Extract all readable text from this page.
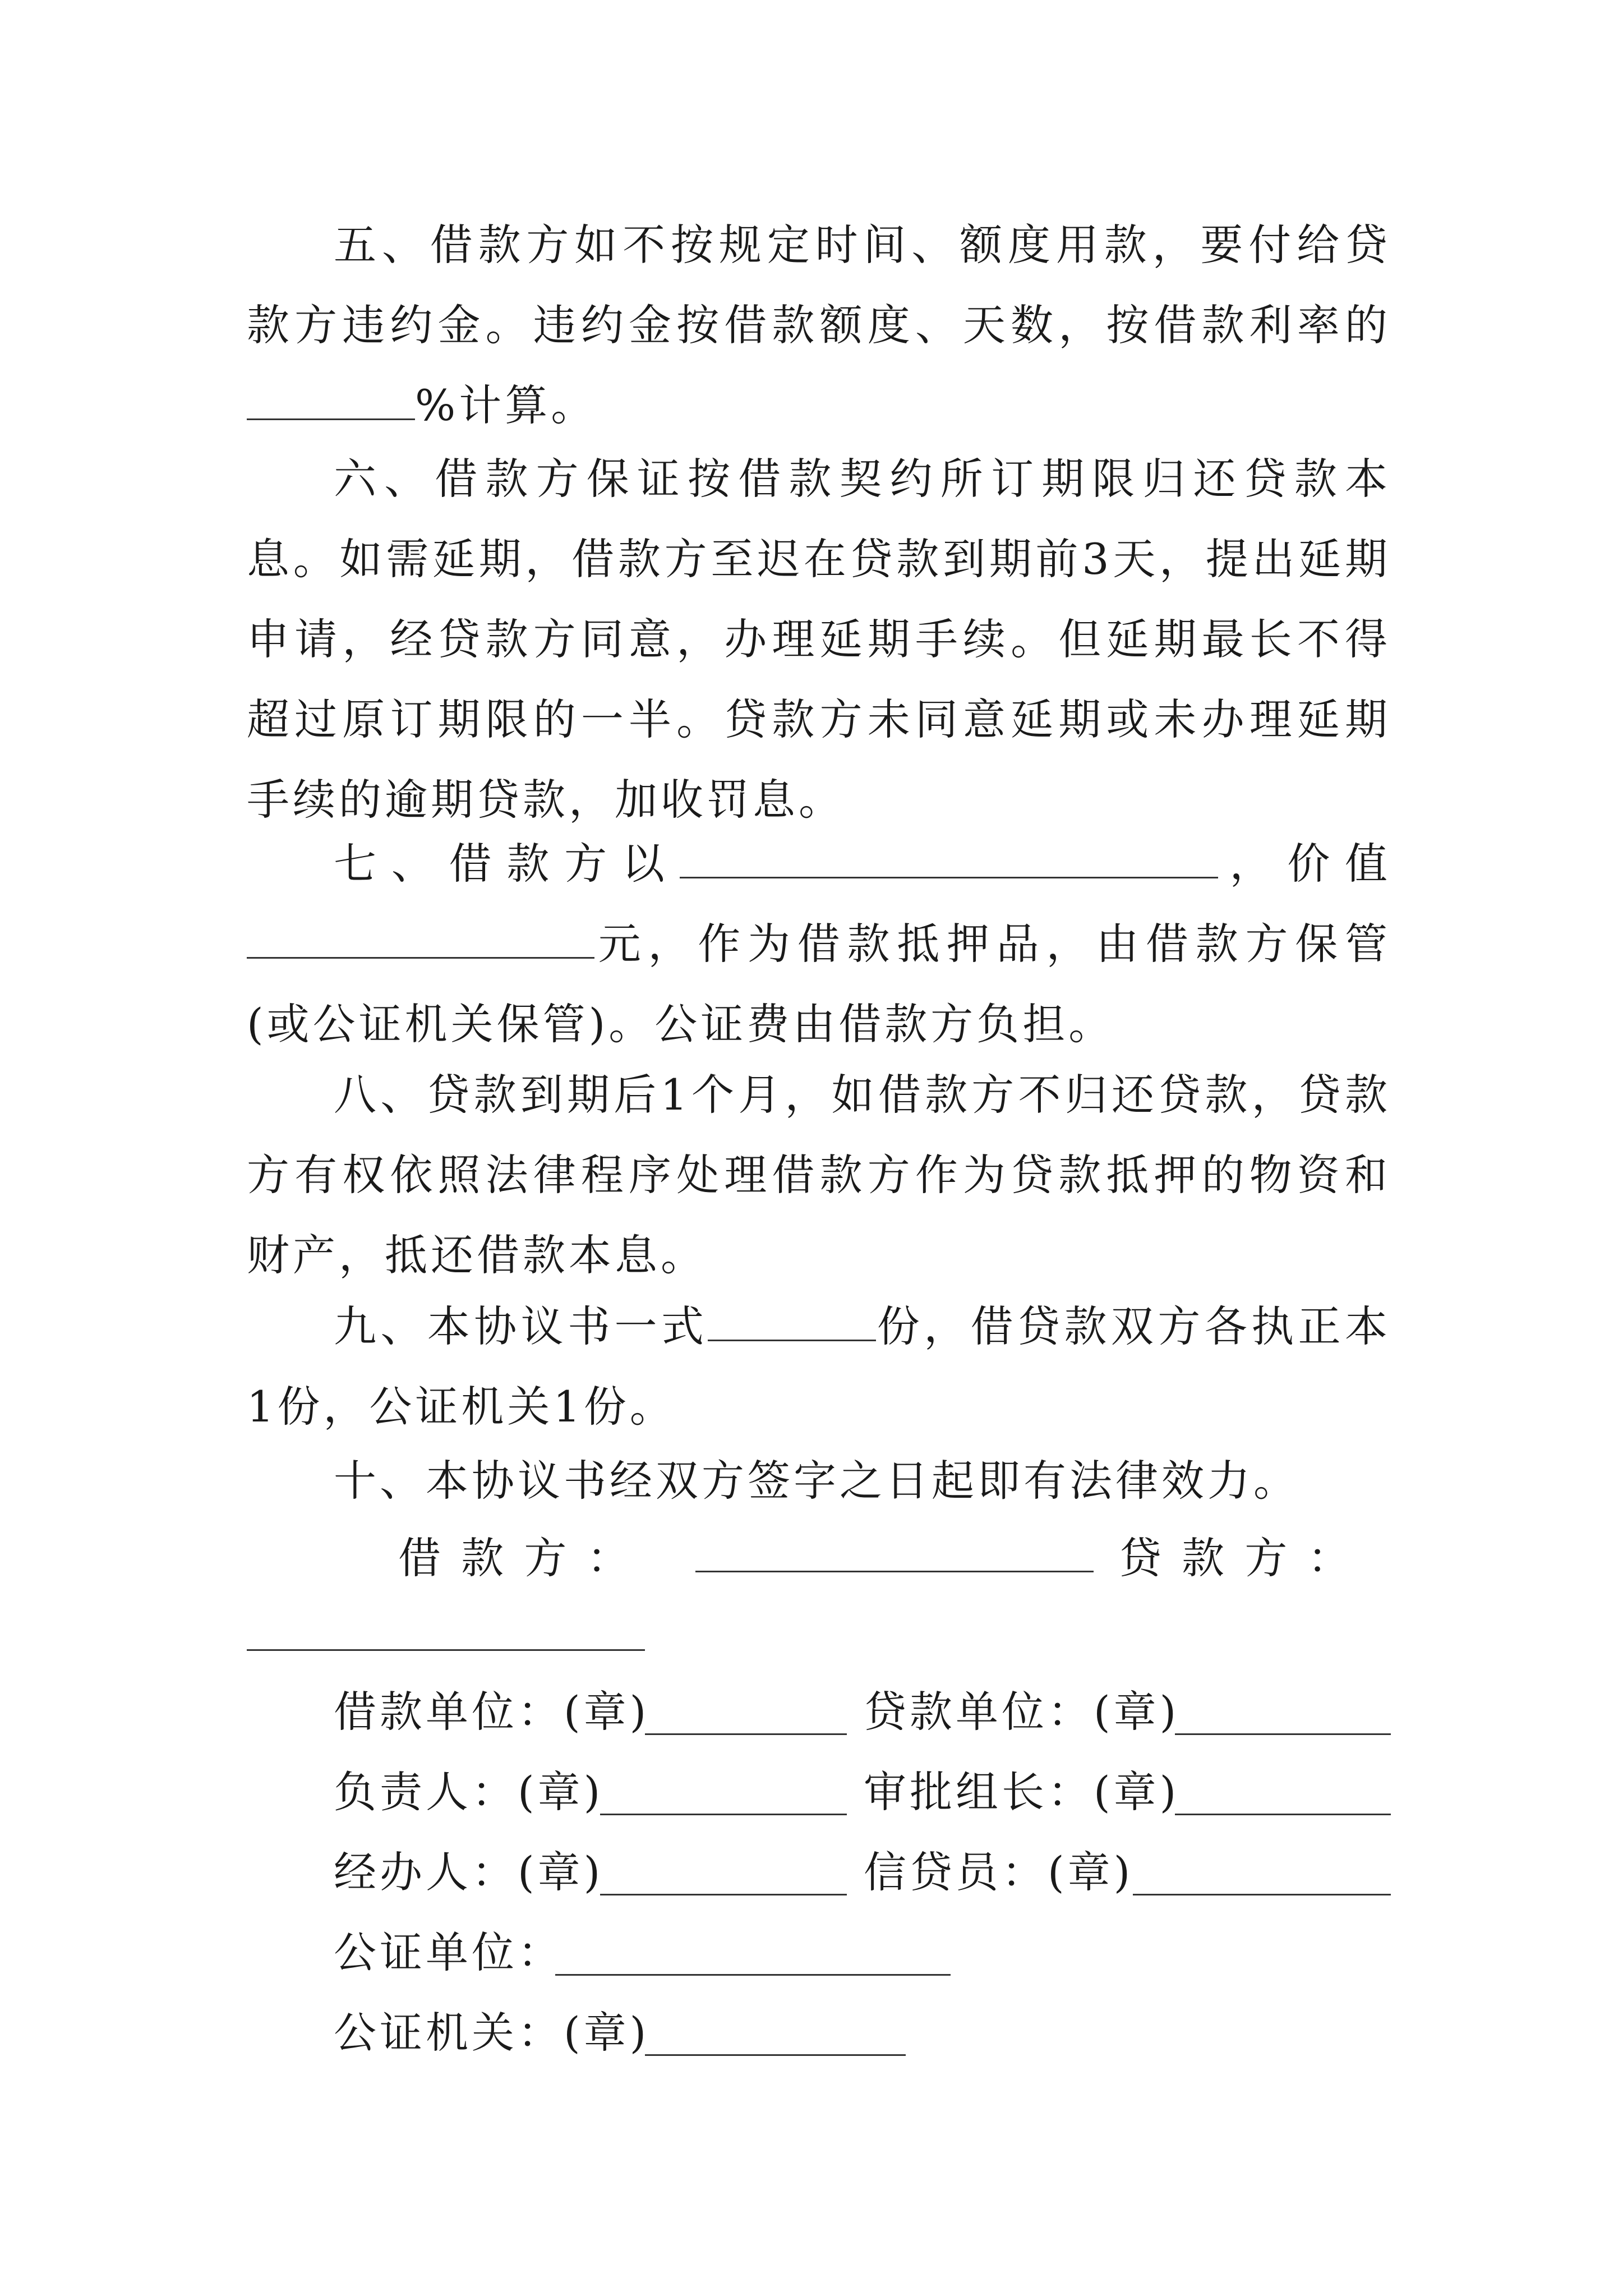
五、借款方如不按规定时间、额度用款，要付给贷款方违约金。违约金按借款额度、天数，按借款利率的%计算。

六、借款方保证按借款契约所订期限归还贷款本息。如需延期，借款方至迟在贷款到期前3天，提出延期申请，经贷款方同意，办理延期手续。但延期最长不得超过原订期限的一半。贷款方未同意延期或未办理延期手续的逾期贷款，加收罚息。

七、借款方以	，价值元，作为借款抵押品，由借款方保管(或公证机关保管)。公证费由借款方负担。

八、贷款到期后1个月，如借款方不归还贷款，贷款方有权依照法律程序处理借款方作为贷款抵押的物资和财产，抵还借款本息。

九、本协议书一式	份，借贷款双方各执正本1份，公证机关1份。

十、本协议书经双方签字之日起即有法律效力。

借 款 方 ：	贷 款 方 ：
借款单位：(章)	贷款单位：(章)
负责人：(章)	审批组长：(章)
经办人：(章)	信贷员：(章)
公证单位：
公证机关：(章)
